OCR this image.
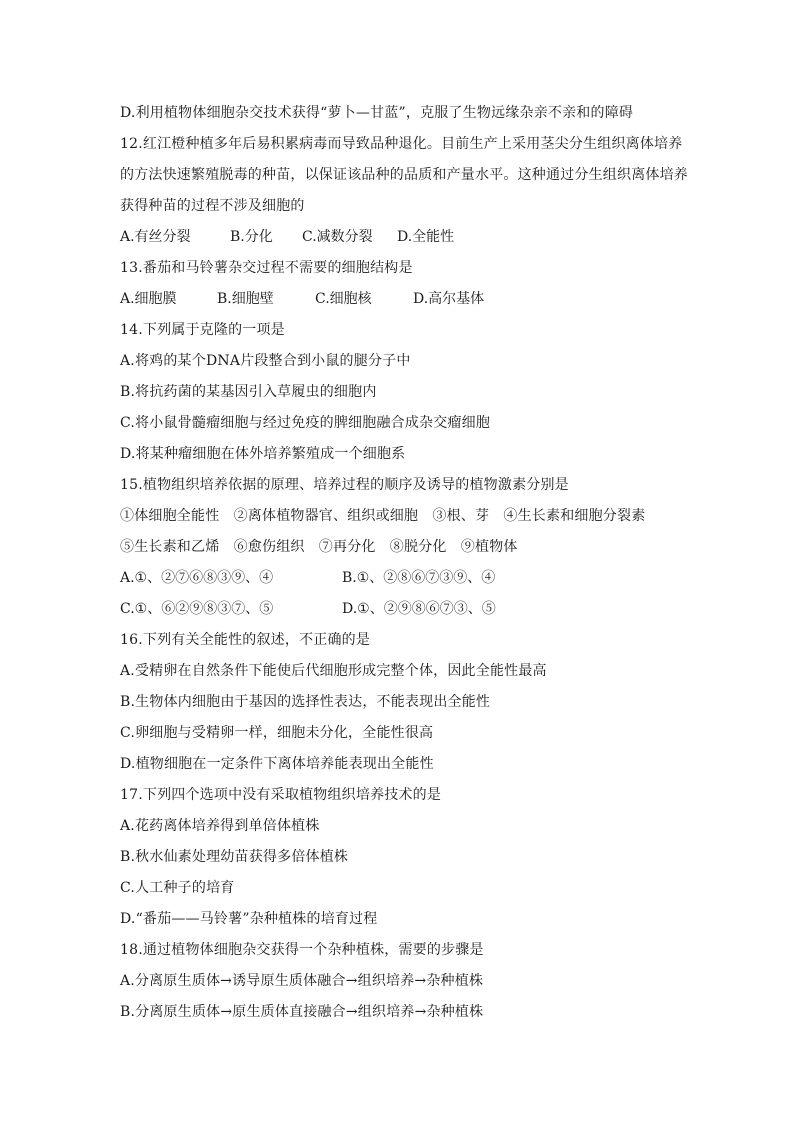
D.利用植物体细胞杂交技术获得“萝卜—甘蓝”，克服了生物远缘杂亲不亲和的障碍
12.红江橙种植多年后易积累病毒而导致品种退化。目前生产上采用茎尖分生组织离体培养
的方法快速繁殖脱毒的种苗，以保证该品种的品质和产量水平。这种通过分生组织离体培养
获得种苗的过程不涉及细胞的
A.有丝分裂	B.分化 C.减数分裂 D.全能性
13.番茄和马铃薯杂交过程不需要的细胞结构是
A.细胞膜	B.细胞壁	C.细胞核	D.高尔基体
14.下列属于克隆的一项是
A.将鸡的某个DNA片段整合到小鼠的腿分子中
B.将抗药菌的某基因引入草履虫的细胞内
C.将小鼠骨髓瘤细胞与经过免疫的脾细胞融合成杂交瘤细胞
D.将某种瘤细胞在体外培养繁殖成一个细胞系
15.植物组织培养依据的原理、培养过程的顺序及诱导的植物激素分别是
①体细胞全能性　②离体植物器官、组织或细胞　③根、芽　④生长素和细胞分裂素
⑤生长素和乙烯　⑥愈伤组织　⑦再分化　⑧脱分化　⑨植物体
A.①、②⑦⑥⑧③⑨、④	B.①、②⑧⑥⑦③⑨、④
C.①、⑥②⑨⑧③⑦、⑤	D.①、②⑨⑧⑥⑦③、⑤
16.下列有关全能性的叙述，不正确的是
A.受精卵在自然条件下能使后代细胞形成完整个体，因此全能性最高
B.生物体内细胞由于基因的选择性表达，不能表现出全能性
C.卵细胞与受精卵一样，细胞未分化，全能性很高
D.植物细胞在一定条件下离体培养能表现出全能性
17.下列四个选项中没有采取植物组织培养技术的是
A.花药离体培养得到单倍体植株
B.秋水仙素处理幼苗获得多倍体植株
C.人工种子的培育
D.“番茄——马铃薯”杂种植株的培育过程
18.通过植物体细胞杂交获得一个杂种植株，需要的步骤是
A.分离原生质体→诱导原生质体融合→组织培养→杂种植株
B.分离原生质体→原生质体直接融合→组织培养→杂种植株
